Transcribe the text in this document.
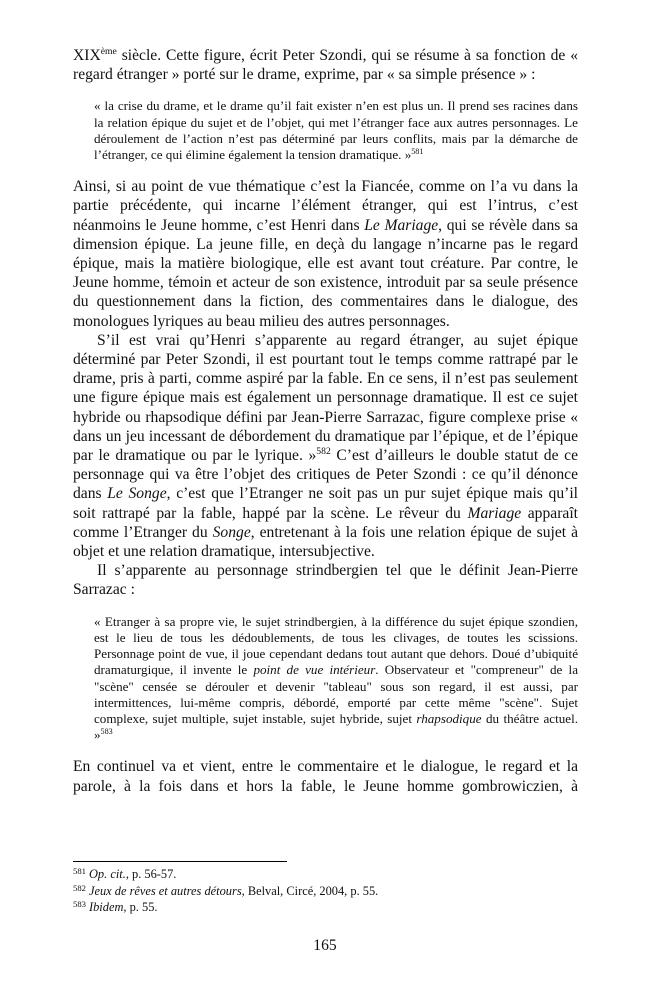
XIXème siècle. Cette figure, écrit Peter Szondi, qui se résume à sa fonction de « regard étranger » porté sur le drame, exprime, par « sa simple présence » :

« la crise du drame, et le drame qu’il fait exister n’en est plus un. Il prend ses racines dans la relation épique du sujet et de l’objet, qui met l’étranger face aux autres personnages. Le déroulement de l’action n’est pas déterminé par leurs conflits, mais par la démarche de l’étranger, ce qui élimine également la tension dramatique. »$^{581}$

Ainsi, si au point de vue thématique c’est la Fiancée, comme on l’a vu dans la partie précédente, qui incarne l’élément étranger, qui est l’intrus, c’est néanmoins le Jeune homme, c’est Henri dans Le Mariage, qui se révèle dans sa dimension épique. La jeune fille, en deçà du langage n’incarne pas le regard épique, mais la matière biologique, elle est avant tout créature. Par contre, le Jeune homme, témoin et acteur de son existence, introduit par sa seule présence du questionnement dans la fiction, des commentaires dans le dialogue, des monologues lyriques au beau milieu des autres personnages.

S’il est vrai qu’Henri s’apparente au regard étranger, au sujet épique déterminé par Peter Szondi, il est pourtant tout le temps comme rattrapé par le drame, pris à parti, comme aspiré par la fable. En ce sens, il n’est pas seulement une figure épique mais est également un personnage dramatique. Il est ce sujet hybride ou rhapsodique défini par Jean-Pierre Sarrazac, figure complexe prise « dans un jeu incessant de débordement du dramatique par l’épique, et de l’épique par le dramatique ou par le lyrique. »$^{582}$ C’est d’ailleurs le double statut de ce personnage qui va être l’objet des critiques de Peter Szondi : ce qu’il dénonce dans Le Songe, c’est que l’Etranger ne soit pas un pur sujet épique mais qu’il soit rattrapé par la fable, happé par la scène. Le rêveur du Mariage apparaît comme l’Etranger du Songe, entretenant à la fois une relation épique de sujet à objet et une relation dramatique, intersubjective.

Il s’apparente au personnage strindbergien tel que le définit Jean-Pierre Sarrazac :

« Etranger à sa propre vie, le sujet strindbergien, à la différence du sujet épique szondien, est le lieu de tous les dédoublements, de tous les clivages, de toutes les scissions. Personnage point de vue, il joue cependant dedans tout autant que dehors. Doué d’ubiquité dramaturgique, il invente le point de vue intérieur. Observateur et "compreneur" de la "scène" censée se dérouler et devenir "tableau" sous son regard, il est aussi, par intermittences, lui-même compris, débordé, emporté par cette même "scène". Sujet complexe, sujet multiple, sujet instable, sujet hybride, sujet rhapsodique du théâtre actuel. »$^{583}$

En continuel va et vient, entre le commentaire et le dialogue, le regard et la parole, à la fois dans et hors la fable, le Jeune homme gombrowiczien, à

$^{581}$ Op. cit., p. 56-57.
$^{582}$ Jeux de rêves et autres détours, Belval, Circé, 2004, p. 55.
$^{583}$ Ibidem, p. 55.
165
